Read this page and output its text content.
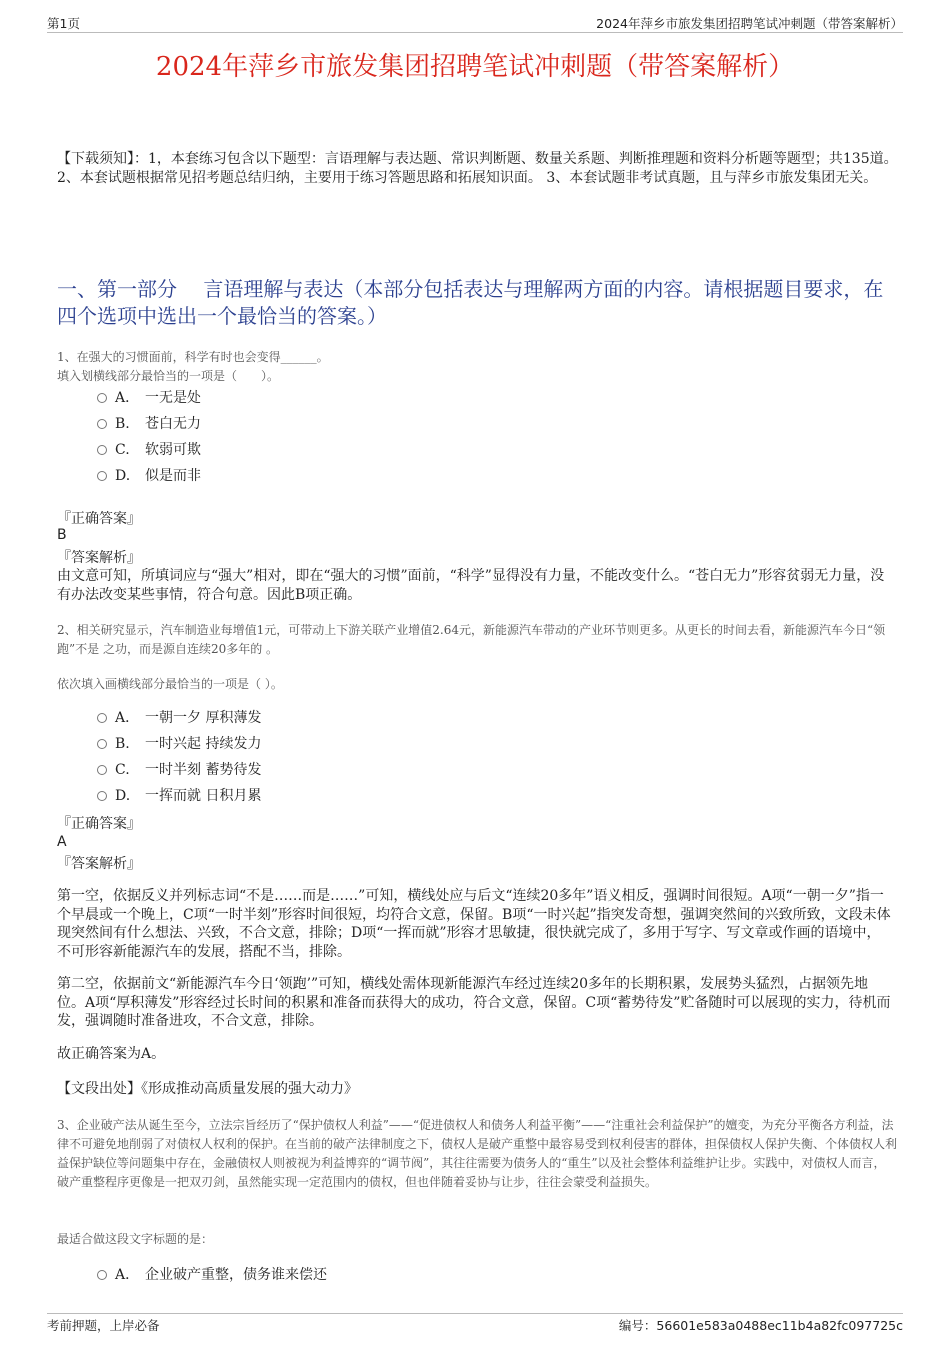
第1页	2024年萍乡市旅发集团招聘笔试冲刺题（带答案解析）
2024年萍乡市旅发集团招聘笔试冲刺题（带答案解析）
【下载须知】：1，本套练习包含以下题型：言语理解与表达题、常识判断题、数量关系题、判断推理题和资料分析题等题型；共135道。 2、本套试题根据常见招考题总结归纳，主要用于练习答题思路和拓展知识面。 3、本套试题非考试真题，且与萍乡市旅发集团无关。
一、第一部分　 言语理解与表达（本部分包括表达与理解两方面的内容。请根据题目要求，在四个选项中选出一个最恰当的答案。）
1、在强大的习惯面前，科学有时也会变得______。
填入划横线部分最恰当的一项是（　　）。
A． 一无是处
B. 苍白无力
C. 软弱可欺
D. 似是而非
『正确答案』
B
『答案解析』
由文意可知，所填词应与“强大”相对，即在“强大的习惯”面前，“科学”显得没有力量，不能改变什么。“苍白无力”形容贫弱无力量，没有办法改变某些事情，符合句意。因此B项正确。
2、相关研究显示，汽车制造业每增值1元，可带动上下游关联产业增值2.64元，新能源汽车带动的产业环节则更多。从更长的时间去看，新能源汽车今日“领跑”不是 之功，而是源自连续20多年的 。
依次填入画横线部分最恰当的一项是（ ）。
A． 一朝一夕 厚积薄发
B. 一时兴起 持续发力
C. 一时半刻 蓄势待发
D. 一挥而就 日积月累
『正确答案』
A
『答案解析』
第一空，依据反义并列标志词“不是……而是……”可知，横线处应与后文“连续20多年”语义相反，强调时间很短。A项“一朝一夕”指一个早晨或一个晚上，C项“一时半刻”形容时间很短，均符合文意，保留。B项“一时兴起”指突发奇想，强调突然间的兴致所致，文段未体现突然间有什么想法、兴致，不合文意，排除；D项“一挥而就”形容才思敏捷，很快就完成了，多用于写字、写文章或作画的语境中，不可形容新能源汽车的发展，搭配不当，排除。
第二空，依据前文“新能源汽车今日‘领跑’”可知，横线处需体现新能源汽车经过连续20多年的长期积累，发展势头猛烈，占据领先地位。A项“厚积薄发”形容经过长时间的积累和准备而获得大的成功，符合文意，保留。C项“蓄势待发”贮备随时可以展现的实力，待机而发，强调随时准备进攻，不合文意，排除。
故正确答案为A。
【文段出处】《形成推动高质量发展的强大动力》
3、企业破产法从诞生至今，立法宗旨经历了“保护债权人利益”——“促进债权人和债务人利益平衡”——“注重社会利益保护”的嬗变，为充分平衡各方利益，法律不可避免地削弱了对债权人权利的保护。在当前的破产法律制度之下，债权人是破产重整中最容易受到权利侵害的群体，担保债权人保护失衡、个体债权人利益保护缺位等问题集中存在，金融债权人则被视为利益博弈的“调节阀”，其往往需要为债务人的“重生”以及社会整体利益维护让步。实践中，对债权人而言，破产重整程序更像是一把双刃剑，虽然能实现一定范围内的债权，但也伴随着妥协与让步，往往会蒙受利益损失。
最适合做这段文字标题的是：
A． 企业破产重整，债务谁来偿还
考前押题，上岸必备	编号：56601e583a0488ec11b4a82fc097725c
